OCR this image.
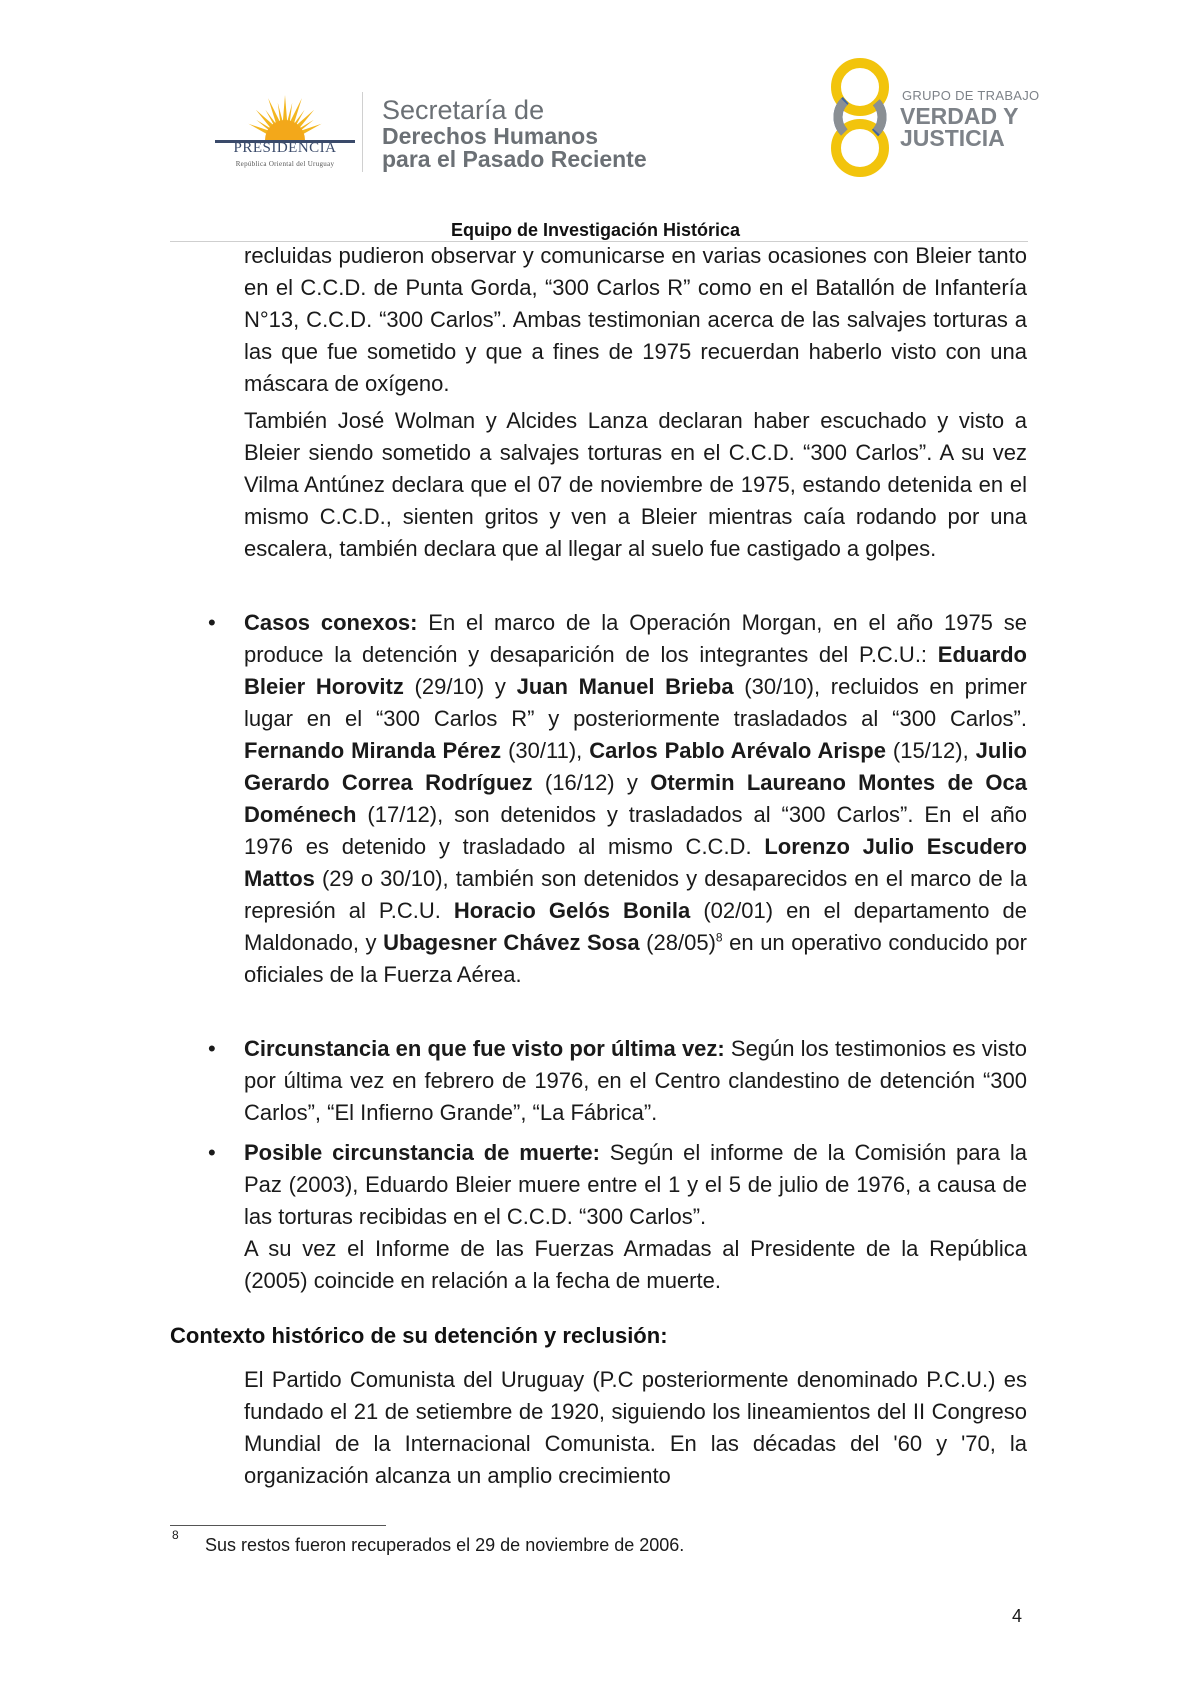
PRESIDENCIA
República Oriental del Uruguay
Secretaría de
Derechos Humanos
para el Pasado Reciente
GRUPO DE TRABAJO
VERDAD Y
JUSTICIA
Equipo de Investigación Histórica
recluidas pudieron observar y comunicarse en varias ocasiones con Bleier tanto en el C.C.D. de Punta Gorda, “300 Carlos R” como en el Batallón de Infantería N°13, C.C.D. “300 Carlos”. Ambas testimonian acerca de las salvajes torturas a las que fue sometido y que a fines de 1975 recuerdan haberlo visto con una máscara de oxígeno.
También José Wolman y Alcides Lanza declaran haber escuchado y visto a Bleier siendo sometido a salvajes torturas en el C.C.D. “300 Carlos”. A su vez Vilma Antúnez declara que el 07 de noviembre de 1975, estando detenida en el mismo C.C.D., sienten gritos y ven a Bleier mientras caía rodando por una escalera, también declara que al llegar al suelo fue castigado a golpes.
• Casos conexos: En el marco de la Operación Morgan, en el año 1975 se produce la detención y desaparición de los integrantes del P.C.U.: Eduardo Bleier Horovitz (29/10) y Juan Manuel Brieba (30/10), recluidos en primer lugar en el “300 Carlos R” y posteriormente trasladados al “300 Carlos”. Fernando Miranda Pérez (30/11), Carlos Pablo Arévalo Arispe (15/12), Julio Gerardo Correa Rodríguez (16/12) y Otermin Laureano Montes de Oca Doménech (17/12), son detenidos y trasladados al “300 Carlos”. En el año 1976 es detenido y trasladado al mismo C.C.D. Lorenzo Julio Escudero Mattos (29 o 30/10), también son detenidos y desaparecidos en el marco de la represión al P.C.U. Horacio Gelós Bonila (02/01) en el departamento de Maldonado, y Ubagesner Chávez Sosa $(28/05)^8$ en un operativo conducido por oficiales de la Fuerza Aérea.
• Circunstancia en que fue visto por última vez: Según los testimonios es visto por última vez en febrero de 1976, en el Centro clandestino de detención “300 Carlos”, “El Infierno Grande”, “La Fábrica”.
• Posible circunstancia de muerte: Según el informe de la Comisión para la Paz (2003), Eduardo Bleier muere entre el 1 y el 5 de julio de 1976, a causa de las torturas recibidas en el C.C.D. “300 Carlos”.
A su vez el Informe de las Fuerzas Armadas al Presidente de la República (2005) coincide en relación a la fecha de muerte.
Contexto histórico de su detención y reclusión:
El Partido Comunista del Uruguay (P.C posteriormente denominado P.C.U.) es fundado el 21 de setiembre de 1920, siguiendo los lineamientos del II Congreso Mundial de la Internacional Comunista. En las décadas del '60 y '70, la organización alcanza un amplio crecimiento
8 Sus restos fueron recuperados el 29 de noviembre de 2006.
4
